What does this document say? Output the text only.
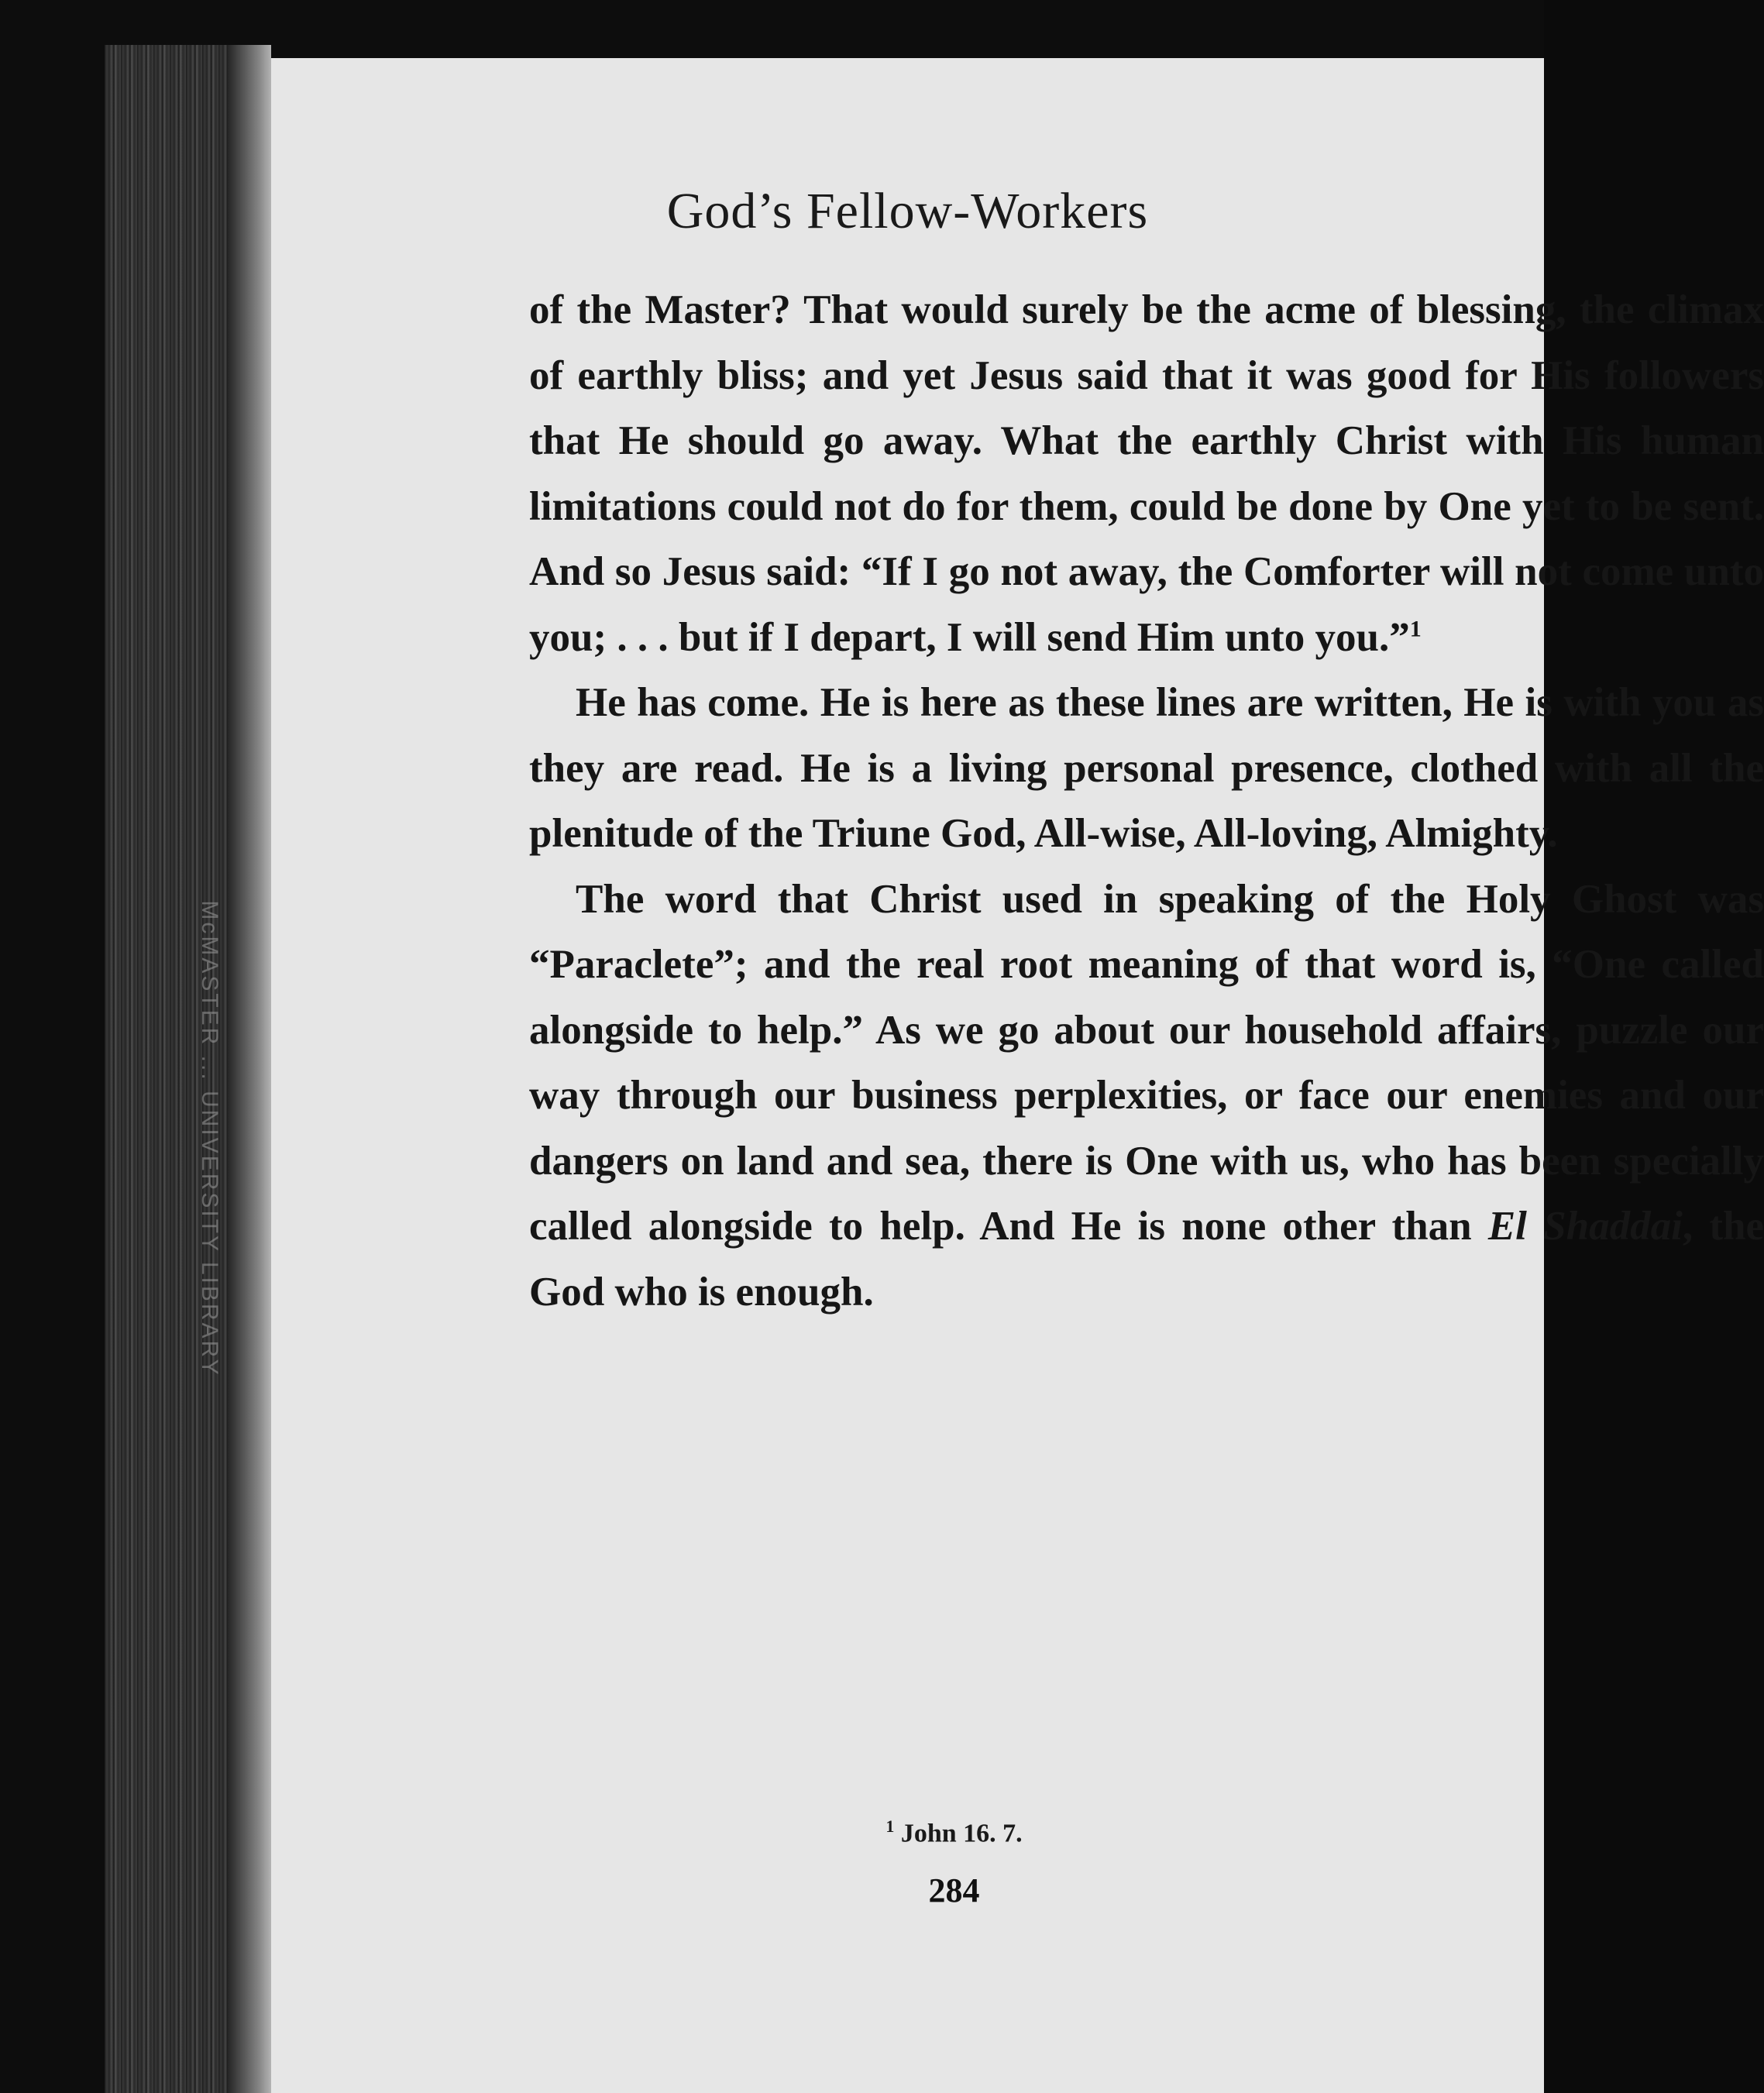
McMASTER ... UNIVERSITY LIBRARY
God’s Fellow-Workers

of the Master? That would surely be the acme of blessing, the climax of earthly bliss; and yet Jesus said that it was good for His followers that He should go away. What the earthly Christ with His human limitations could not do for them, could be done by One yet to be sent. And so Jesus said: “If I go not away, the Comforter will not come unto you; . . . but if I depart, I will send Him unto you.”$^1$

He has come. He is here as these lines are written, He is with you as they are read. He is a living personal presence, clothed with all the plenitude of the Triune God, All-wise, All-loving, Almighty.

The word that Christ used in speaking of the Holy Ghost was “Paraclete”; and the real root meaning of that word is, “One called alongside to help.” As we go about our household affairs, puzzle our way through our business perplexities, or face our enemies and our dangers on land and sea, there is One with us, who has been specially called alongside to help. And He is none other than El Shaddai, the God who is enough.

$^1$ John 16. 7.
284
